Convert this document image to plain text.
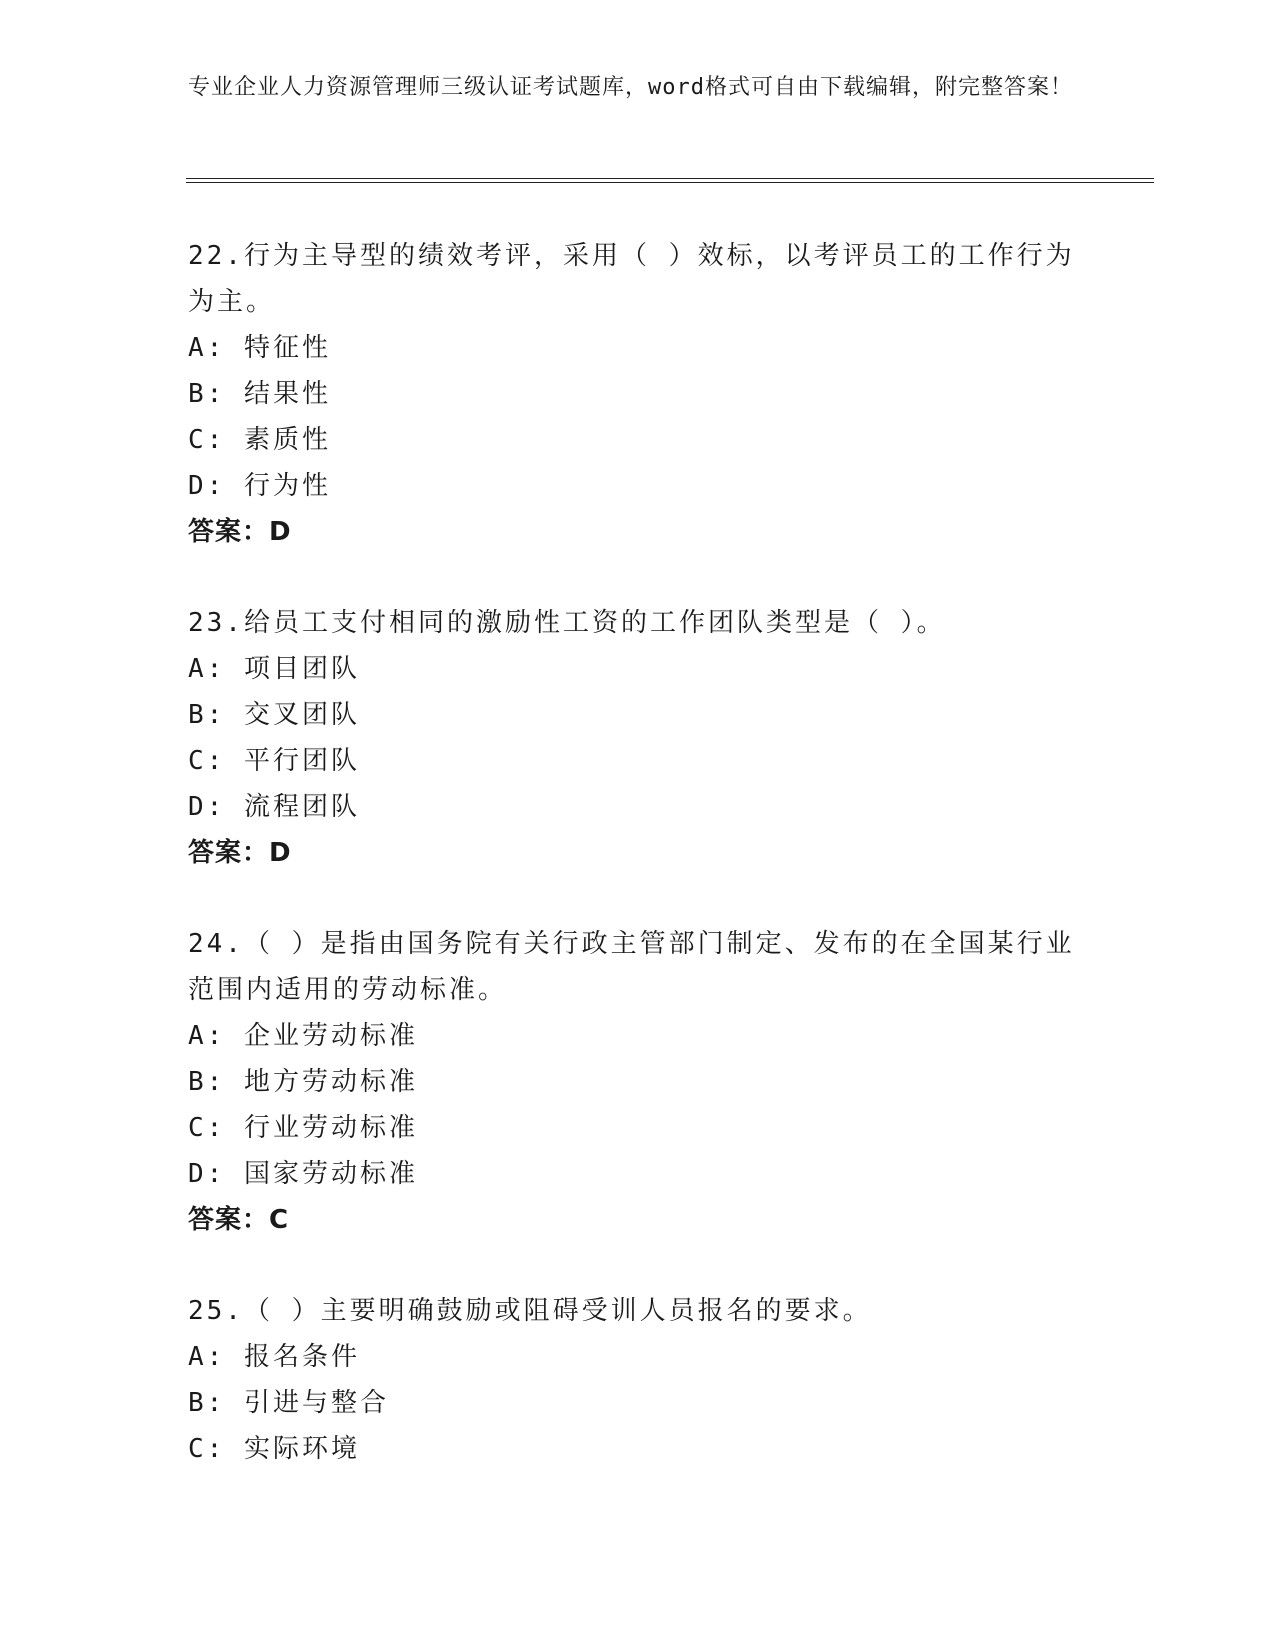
专业企业人力资源管理师三级认证考试题库，word格式可自由下载编辑，附完整答案！
22.行为主导型的绩效考评，采用（ ）效标，以考评员工的工作行为为主。
A: 特征性
B: 结果性
C: 素质性
D: 行为性
答案：D
23.给员工支付相同的激励性工资的工作团队类型是（ ）。
A: 项目团队
B: 交叉团队
C: 平行团队
D: 流程团队
答案：D
24.（ ）是指由国务院有关行政主管部门制定、发布的在全国某行业范围内适用的劳动标准。
A: 企业劳动标准
B: 地方劳动标准
C: 行业劳动标准
D: 国家劳动标准
答案：C
25.（ ）主要明确鼓励或阻碍受训人员报名的要求。
A: 报名条件
B: 引进与整合
C: 实际环境
